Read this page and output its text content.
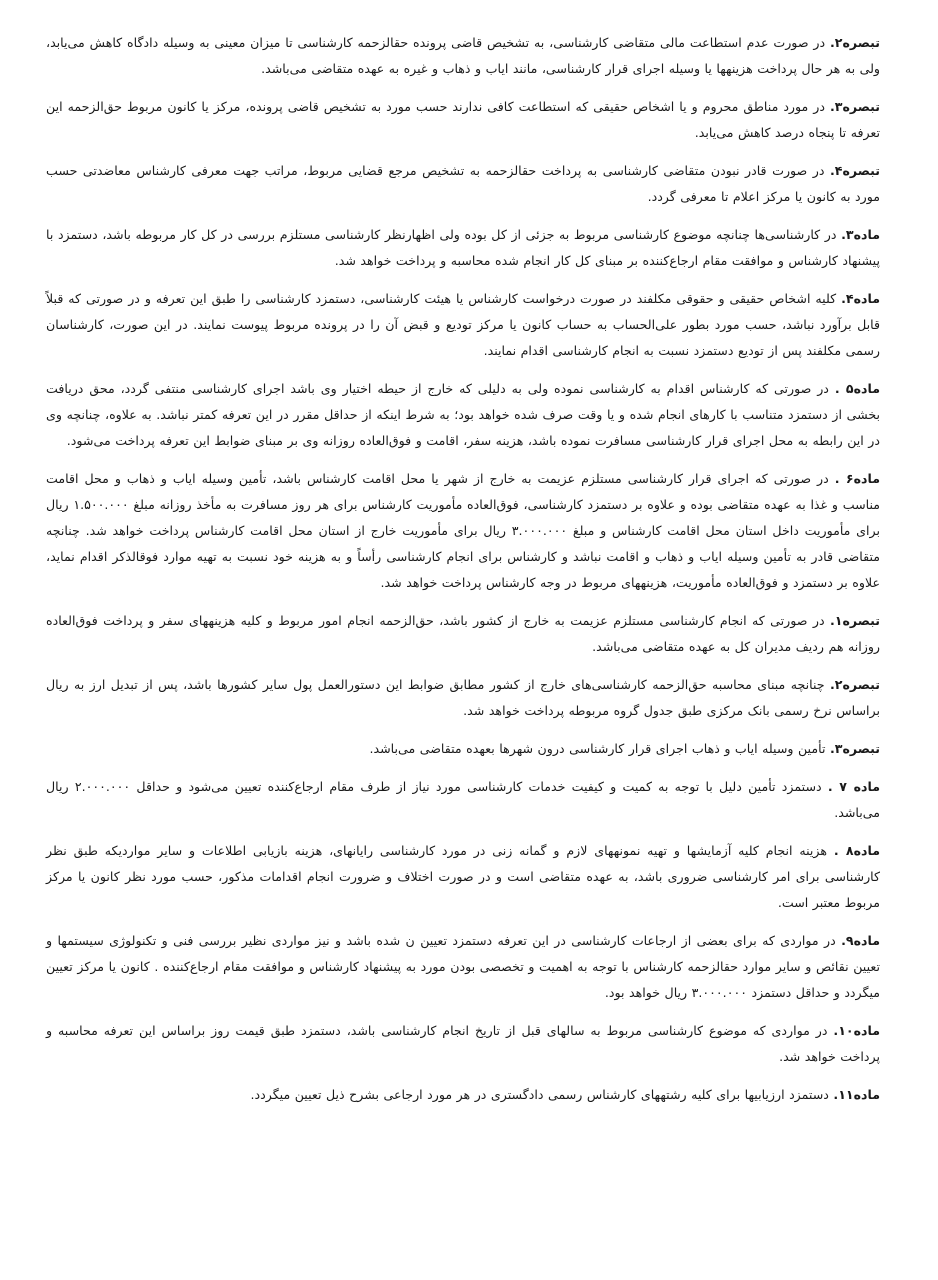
تبصره۲. در صورت عدم استطاعت مالی متقاضی کارشناسی، به تشخیص قاضی پرونده حقالزحمه کارشناسی تا میزان معینی به وسیله دادگاه کاهش می‌یابد، ولی به هر حال پرداخت هزینهها یا وسیله اجرای قرار کارشناسی، مانند ایاب و ذهاب و غیره به عهده متقاضی می‌باشد.

تبصره۳. در مورد مناطق محروم و یا اشخاص حقیقی که استطاعت کافی ندارند حسب مورد به تشخیص قاضی پرونده، مرکز یا کانون مربوط حق‌الزحمه این تعرفه تا پنجاه درصد کاهش می‌یابد.

تبصره۴. در صورت قادر نبودن متقاضی کارشناسی به پرداخت حقالزحمه به تشخیص مرجع قضایی مربوط، مراتب جهت معرفی کارشناس معاضدتی حسب مورد به کانون یا مرکز اعلام تا معرفی گردد.

ماده۳. در کارشناسی‌ها چنانچه موضوع کارشناسی مربوط به جزئی از کل بوده ولی اظهارنظر کارشناسی مستلزم بررسی در کل کار مربوطه باشد، دستمزد با پیشنهاد کارشناس و موافقت مقام ارجاع‌کننده بر مبنای کل کار انجام شده محاسبه و پرداخت خواهد شد.

ماده۴. کلیه اشخاص حقیقی و حقوقی مکلفند در صورت درخواست کارشناس یا هیئت کارشناسی، دستمزد کارشناسی را طبق این تعرفه و در صورتی که قبلاً قابل برآورد نباشد، حسب مورد بطور علی‌الحساب به حساب کانون یا مرکز تودیع و قبض آن را در پرونده مربوط پیوست نمایند. در این صورت، کارشناسان رسمی مکلفند پس از تودیع دستمزد نسبت به انجام کارشناسی اقدام نمایند.

ماده۵ . در صورتی که کارشناس اقدام به کارشناسی نموده ولی به دلیلی که خارج از حیطه اختیار وی باشد اجرای کارشناسی منتفی گردد، محق دریافت بخشی از دستمزد متناسب با کارهای انجام شده و یا وقت صرف شده خواهد بود؛ به شرط اینکه از حداقل مقرر در این تعرفه کمتر نباشد. به علاوه، چنانچه وی در این رابطه به محل اجرای قرار کارشناسی مسافرت نموده باشد، هزینه سفر، اقامت و فوق‌العاده روزانه وی بر مبنای ضوابط این تعرفه پرداخت می‌شود.

ماده۶ . در صورتی که اجرای قرار کارشناسی مستلزم عزیمت به خارج از شهر یا محل اقامت کارشناس باشد، تأمین وسیله ایاب و ذهاب و محل اقامت مناسب و غذا به عهده متقاضی بوده و علاوه بر دستمزد کارشناسی، فوق‌العاده مأموریت کارشناس برای هر روز مسافرت به مأخذ روزانه مبلغ ۱.۵۰۰.۰۰۰ ریال برای مأموریت داخل استان محل اقامت کارشناس و مبلغ ۳.۰۰۰.۰۰۰ ریال برای مأموریت خارج از استان محل اقامت کارشناس پرداخت خواهد شد. چنانچه متقاضی قادر به تأمین وسیله ایاب و ذهاب و اقامت نباشد و کارشناس برای انجام کارشناسی رأساً و به هزینه خود نسبت به تهیه موارد فوقالذکر اقدام نماید، علاوه بر دستمزد و فوق‌العاده مأموریت، هزینههای مربوط در وجه کارشناس پرداخت خواهد شد.

تبصره۱. در صورتی که انجام کارشناسی مستلزم عزیمت به خارج از کشور باشد، حق‌الزحمه انجام امور مربوط و کلیه هزینههای سفر و پرداخت فوق‌العاده روزانه هم ردیف مدیران کل به عهده متقاضی می‌باشد.

تبصره۲. چنانچه مبنای محاسبه حق‌الزحمه کارشناسی‌های خارج از کشور مطابق ضوابط این دستورالعمل پول سایر کشورها باشد، پس از تبدیل ارز به ریال براساس نرخ رسمی بانک مرکزی طبق جدول گروه مربوطه پرداخت خواهد شد.

تبصره۳. تأمین وسیله ایاب و ذهاب اجرای قرار کارشناسی درون شهرها بعهده متقاضی می‌باشد.

ماده ۷ . دستمزد تأمین دلیل با توجه به کمیت و کیفیت خدمات کارشناسی مورد نیاز از طرف مقام ارجاع‌کننده تعیین می‌شود و حداقل ۲.۰۰۰.۰۰۰ ریال می‌باشد.

ماده۸ . هزینه انجام کلیه آزمایشها و تهیه نمونههای لازم و گمانه زنی در مورد کارشناسی رایانهای، هزینه بازیابی اطلاعات و سایر مواردیکه طبق نظر کارشناسی برای امر کارشناسی ضروری باشد، به عهده متقاضی است و در صورت اختلاف و ضرورت انجام اقدامات مذکور، حسب مورد نظر کانون یا مرکز مربوط معتبر است.

ماده۹. در مواردی که برای بعضی از ارجاعات کارشناسی در این تعرفه دستمزد تعیین ن شده باشد و نیز مواردی نظیر بررسی فنی و تکنولوژی سیستمها و تعیین نقائص و سایر موارد حقالزحمه کارشناس با توجه به اهمیت و تخصصی بودن مورد به پیشنهاد کارشناس و موافقت مقام ارجاع‌کننده . کانون یا مرکز تعیین میگردد و حداقل دستمزد ۳.۰۰۰.۰۰۰ ریال خواهد بود.

ماده۱۰. در مواردی که موضوع کارشناسی مربوط به سالهای قبل از تاریخ انجام کارشناسی باشد، دستمزد طبق قیمت روز براساس این تعرفه محاسبه و پرداخت خواهد شد.

ماده۱۱. دستمزد ارزیابیها برای کلیه رشتههای کارشناس رسمی دادگستری در هر مورد ارجاعی بشرح ذیل تعیین میگردد.
